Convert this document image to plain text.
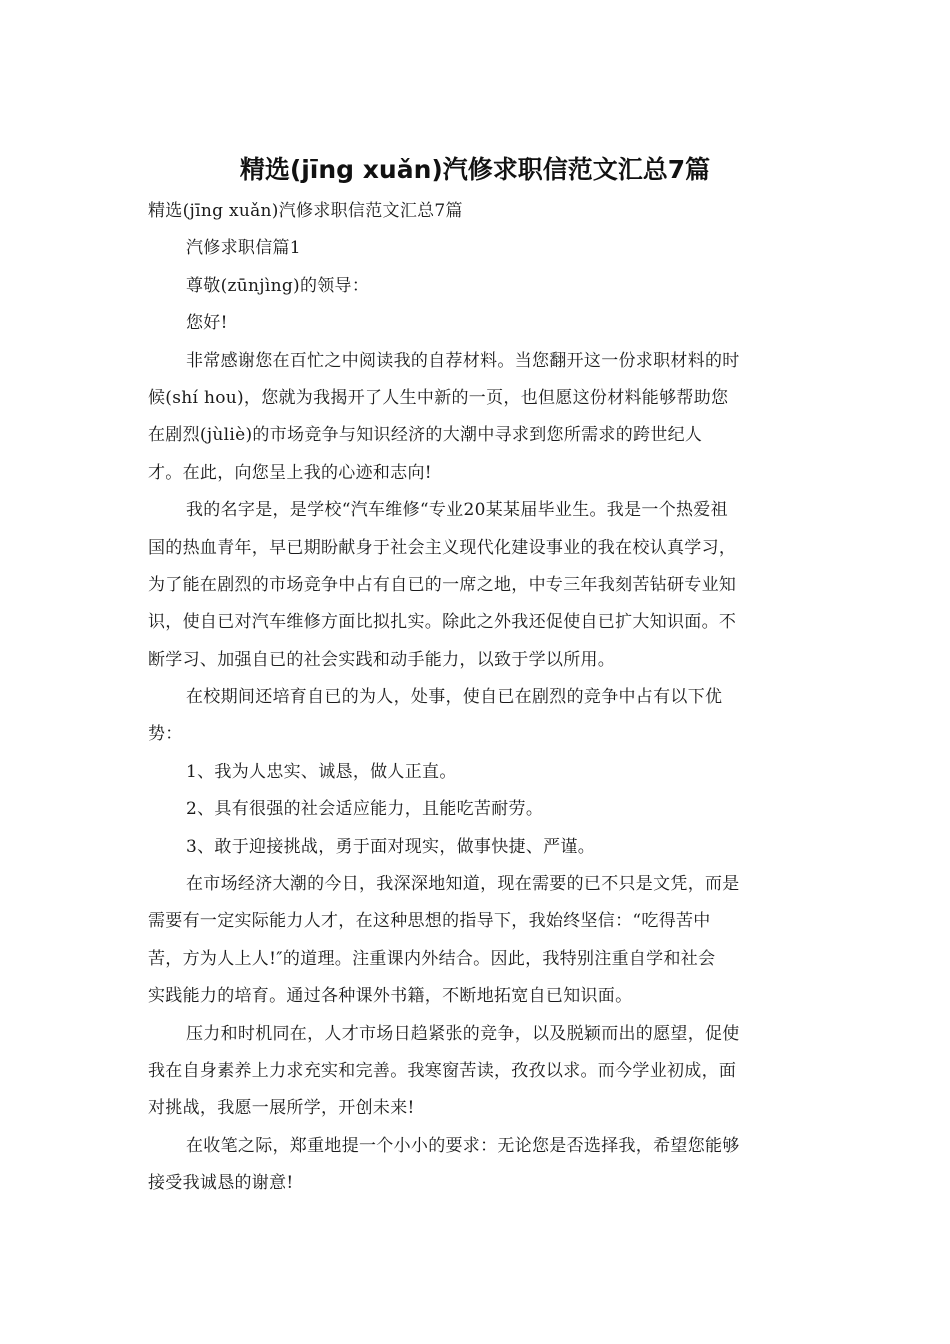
精选(jīng xuǎn)汽修求职信范文汇总7篇
精选(jīng xuǎn)汽修求职信范文汇总7篇
汽修求职信篇1
尊敬(zūnjìng)的领导：
您好!
非常感谢您在百忙之中阅读我的自荐材料。当您翻开这一份求职材料的时
候(shí hou)，您就为我揭开了人生中新的一页，也但愿这份材料能够帮助您
在剧烈(jùliè)的市场竞争与知识经济的大潮中寻求到您所需求的跨世纪人
才。在此，向您呈上我的心迹和志向!
我的名字是，是学校“汽车维修“专业20某某届毕业生。我是一个热爱祖
国的热血青年，早已期盼献身于社会主义现代化建设事业的我在校认真学习，
为了能在剧烈的市场竞争中占有自已的一席之地，中专三年我刻苦钻研专业知
识，使自已对汽车维修方面比拟扎实。除此之外我还促使自已扩大知识面。不
断学习、加强自已的社会实践和动手能力，以致于学以所用。
在校期间还培育自已的为人，处事，使自已在剧烈的竞争中占有以下优
势：
1、我为人忠实、诚恳，做人正直。
2、具有很强的社会适应能力，且能吃苦耐劳。
3、敢于迎接挑战，勇于面对现实，做事快捷、严谨。
在市场经济大潮的今日，我深深地知道，现在需要的已不只是文凭，而是
需要有一定实际能力人才，在这种思想的指导下，我始终坚信：“吃得苦中
苦，方为人上人!″的道理。注重课内外结合。因此，我特别注重自学和社会
实践能力的培育。通过各种课外书籍，不断地拓宽自已知识面。
压力和时机同在，人才市场日趋紧张的竞争，以及脱颖而出的愿望，促使
我在自身素养上力求充实和完善。我寒窗苦读，孜孜以求。而今学业初成，面
对挑战，我愿一展所学，开创未来!
在收笔之际，郑重地提一个小小的要求：无论您是否选择我，希望您能够
接受我诚恳的谢意!
